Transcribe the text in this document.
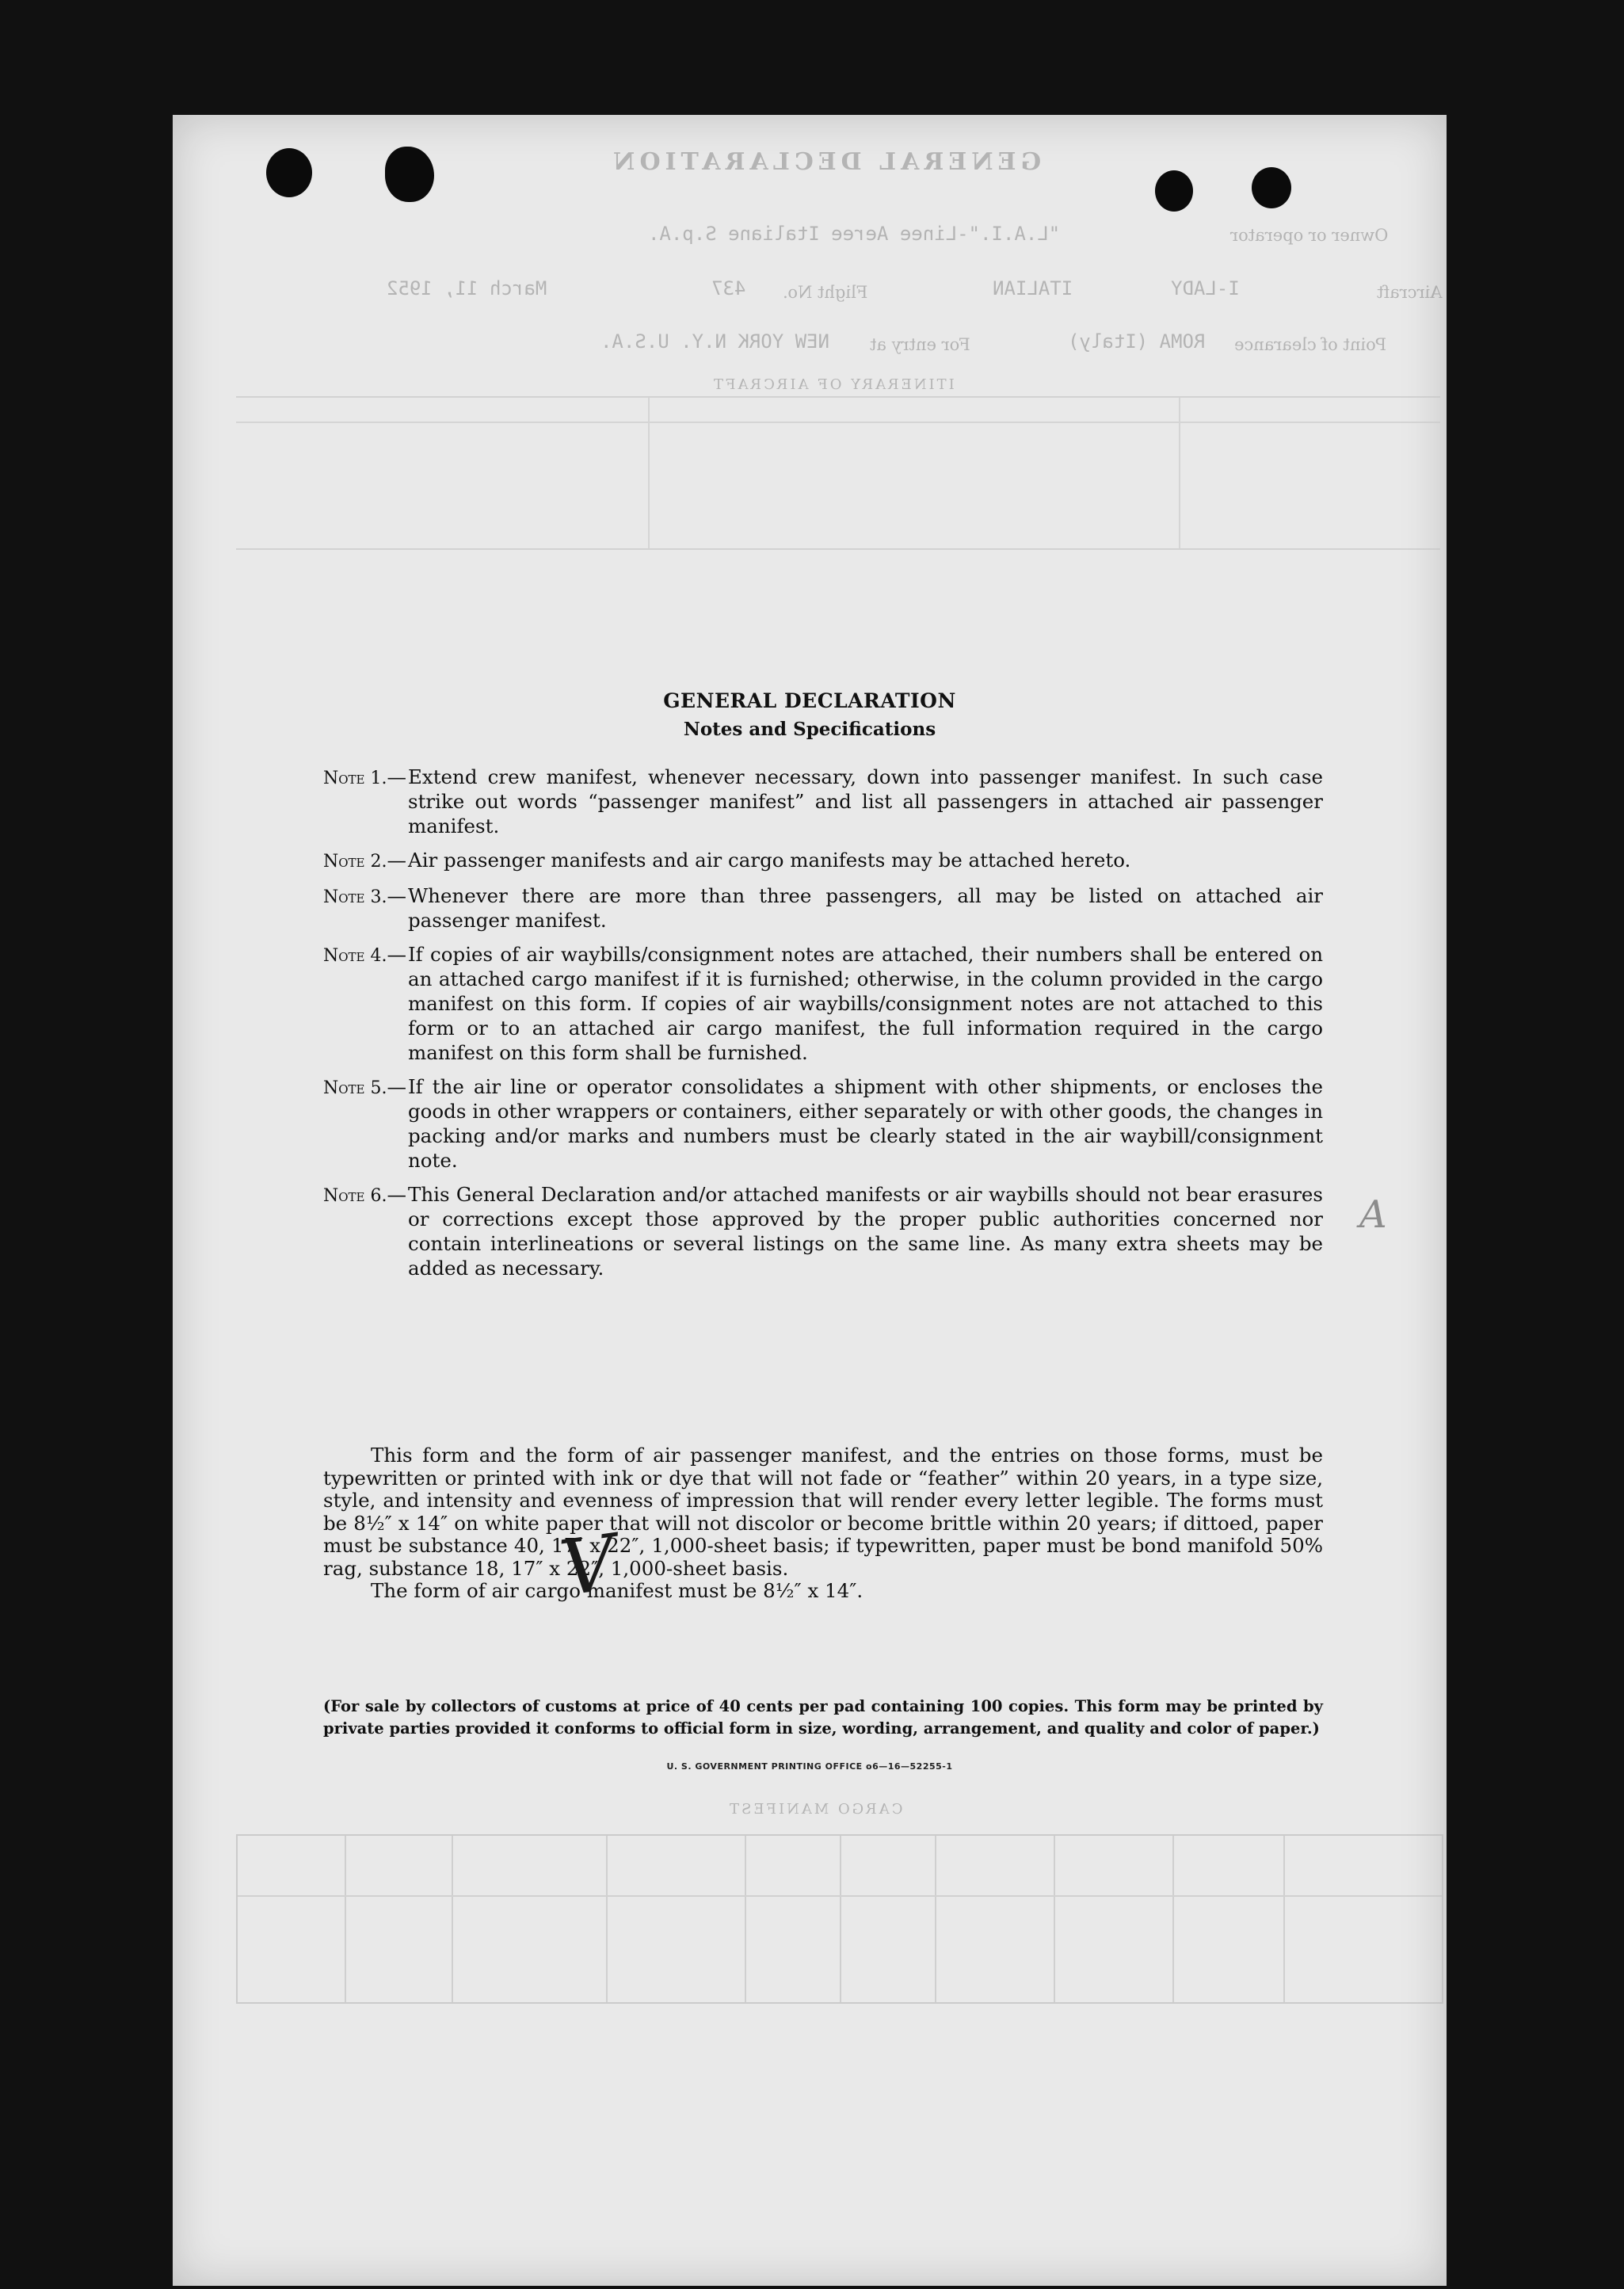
GENERAL DECLARATION
Owner or operator
"L.A.I."-Linee Aeree Italiane S.p.A.
Aircraft
I-LADY
ITALIAN
Flight No.
437
March 11, 1952
Point of clearance
ROMA (Italy)
For entry at
NEW YORK N.Y. U.S.A.
ITINERARY OF AIRCRAFT
CARGO MANIFEST
GENERAL DECLARATION
Notes and Specifications
Note 1.— Extend crew manifest, whenever necessary, down into passenger manifest. In such case strike out words “passenger manifest” and list all passengers in attached air passenger manifest.
Note 2.— Air passenger manifests and air cargo manifests may be attached hereto.
Note 3.— Whenever there are more than three passengers, all may be listed on attached air passenger manifest.
Note 4.— If copies of air waybills/consignment notes are attached, their numbers shall be entered on an attached cargo manifest if it is furnished; otherwise, in the column provided in the cargo manifest on this form. If copies of air waybills/consignment notes are not attached to this form or to an attached air cargo manifest, the full information required in the cargo manifest on this form shall be furnished.
Note 5.— If the air line or operator consolidates a shipment with other shipments, or encloses the goods in other wrappers or containers, either separately or with other goods, the changes in packing and/or marks and numbers must be clearly stated in the air waybill/consignment note.
Note 6.— This General Declaration and/or attached manifests or air waybills should not bear erasures or corrections except those approved by the proper public authorities concerned nor contain interlineations or several listings on the same line. As many extra sheets may be added as necessary.
This form and the form of air passenger manifest, and the entries on those forms, must be typewritten or printed with ink or dye that will not fade or “feather” within 20 years, in a type size, style, and intensity and evenness of impression that will render every letter legible. The forms must be 8½″ x 14″ on white paper that will not discolor or become brittle within 20 years; if dittoed, paper must be substance 40, 17″ x 22″, 1,000-sheet basis; if typewritten, paper must be bond manifold 50% rag, substance 18, 17″ x 22″, 1,000-sheet basis.
The form of air cargo manifest must be 8½″ x 14″.
(For sale by collectors of customs at price of 40 cents per pad containing 100 copies. This form may be printed by private parties provided it conforms to official form in size, wording, arrangement, and quality and color of paper.)
U. S. GOVERNMENT PRINTING OFFICE o6—16—52255-1
V
A
